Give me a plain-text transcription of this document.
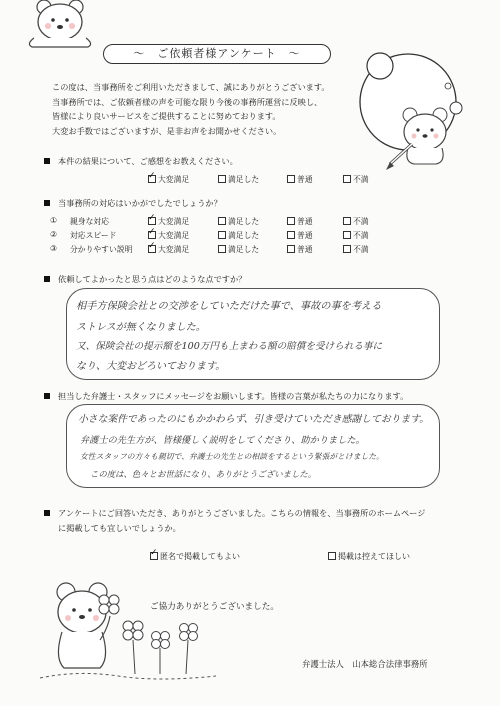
～　ご依頼者様アンケート　～
この度は、当事務所をご利用いただきまして、誠にありがとうございます。
当事務所では、ご依頼者様の声を可能な限り今後の事務所運営に反映し、
皆様により良いサービスをご提供することに努めております。
大変お手数ではございますが、是非お声をお聞かせください。
本件の結果について、ご感想をお教えください。
✓大変満足	満足した	普通	不満
当事務所の対応はいかがでしたでしょうか？
① 親身な対応 ✓	大変満足	満足した	普通	不満
② 対応スピード ✓	大変満足	満足した	普通	不満
③ 分かりやすい説明 ✓	大変満足	満足した	普通	不満
依頼してよかったと思う点はどのような点ですか？
相手方保険会社との交渉をしていただけた事で、事故の事を考える
ストレスが無くなりました。
又、保険会社の提示額を100万円も上まわる額の賠償を受けられる事に
なり、大変おどろいております。
担当した弁護士・スタッフにメッセージをお願いします。皆様の言葉が私たちの力になります。
小さな案件であったのにもかかわらず、引き受けていただき感謝しております。
弁護士の先生方が、皆様優しく説明をしてくださり、助かりました。
女性スタッフの方々も親切で、弁護士の先生との相談をするという緊張がとけました。
この度は、色々とお世話になり、ありがとうございました。
アンケートにご回答いただき、ありがとうございました。こちらの情報を、当事務所のホームページ
に掲載しても宜しいでしょうか。
✓匿名で掲載してもよい	掲載は控えてほしい
ご協力ありがとうございました。
弁護士法人　山本総合法律事務所
